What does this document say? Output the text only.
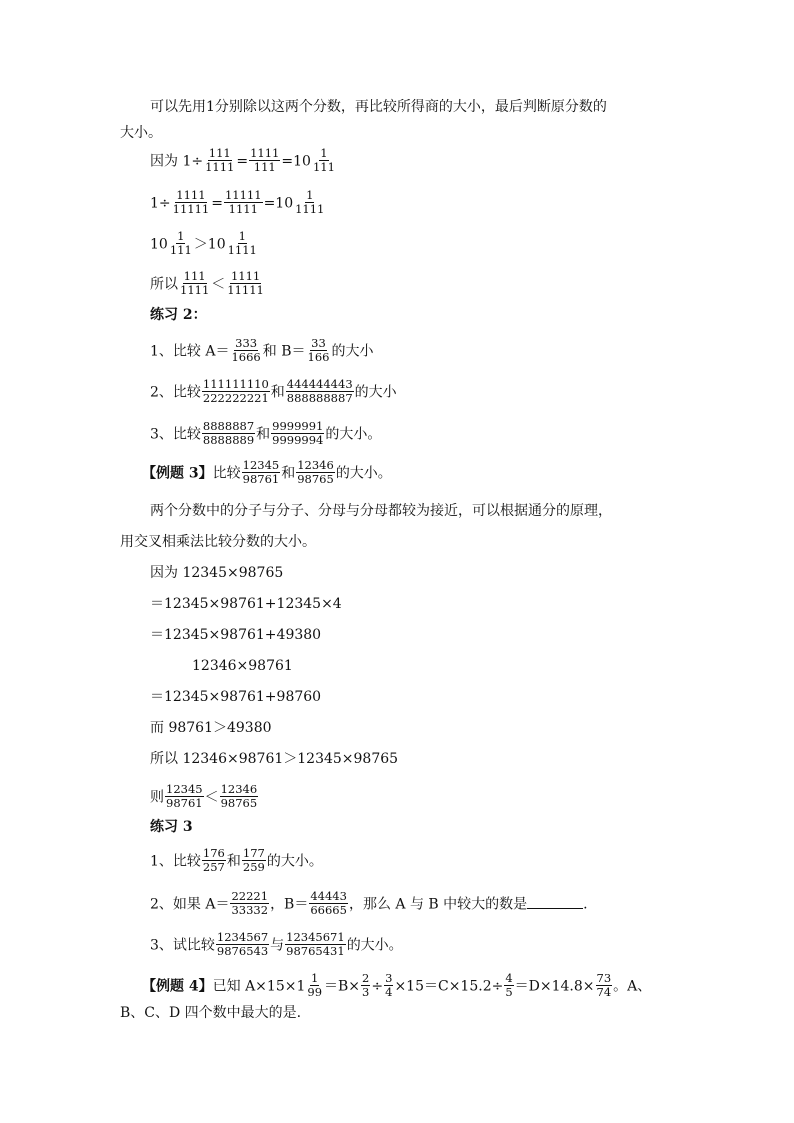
可以先用1分别除以这两个分数，再比较所得商的大小，最后判断原分数的
大小。
因为 $1\div \frac{111}{1111} = \frac{1111}{111} =10 \frac{1}{111}$
$1\div \frac{1111}{11111} = \frac{11111}{1111} =10 \frac{1}{1111}$
$10 \frac{1}{111} >10 \frac{1}{1111}$
所以 $\frac{111}{1111} < \frac{1111}{11111}$
练习 2：
1、比较 $A= \frac{333}{1666}$ 和 $B= \frac{33}{166}$ 的大小
2、比较 $\frac{111111110}{222222221}$ 和 $\frac{444444443}{888888887}$ 的大小
3、比较 $\frac{8888887}{8888889}$ 和 $\frac{9999991}{9999994}$ 的大小。
【例题 3】比较 $\frac{12345}{98761}$ 和 $\frac{12346}{98765}$ 的大小。
两个分数中的分子与分子、分母与分母都较为接近，可以根据通分的原理，
用交叉相乘法比较分数的大小。
因为 12345×98765
＝12345×98761+12345×4
＝12345×98761+49380
12346×98761
＝12345×98761+98760
而 98761＞49380
所以 12346×98761＞12345×98765
则 $\frac{12345}{98761} < \frac{12346}{98765}$
练习 3
1、比较 $\frac{176}{257}$ 和 $\frac{177}{259}$ 的大小。
2、如果 $A= \frac{22221}{33332}$ ，$B= \frac{44443}{66665}$ ，那么 A 与 B 中较大的数是	.
3、试比较 $\frac{1234567}{9876543}$ 与 $\frac{12345671}{98765431}$ 的大小。
【例题 4】已知 $A\times 15\times 1 \frac{1}{99} =B\times \frac{2}{3} \div \frac{3}{4} \times 15=C\times 15.2\div \frac{4}{5} =D\times 14.8\times \frac{73}{74}$ 。A、
B、C、D 四个数中最大的是.
